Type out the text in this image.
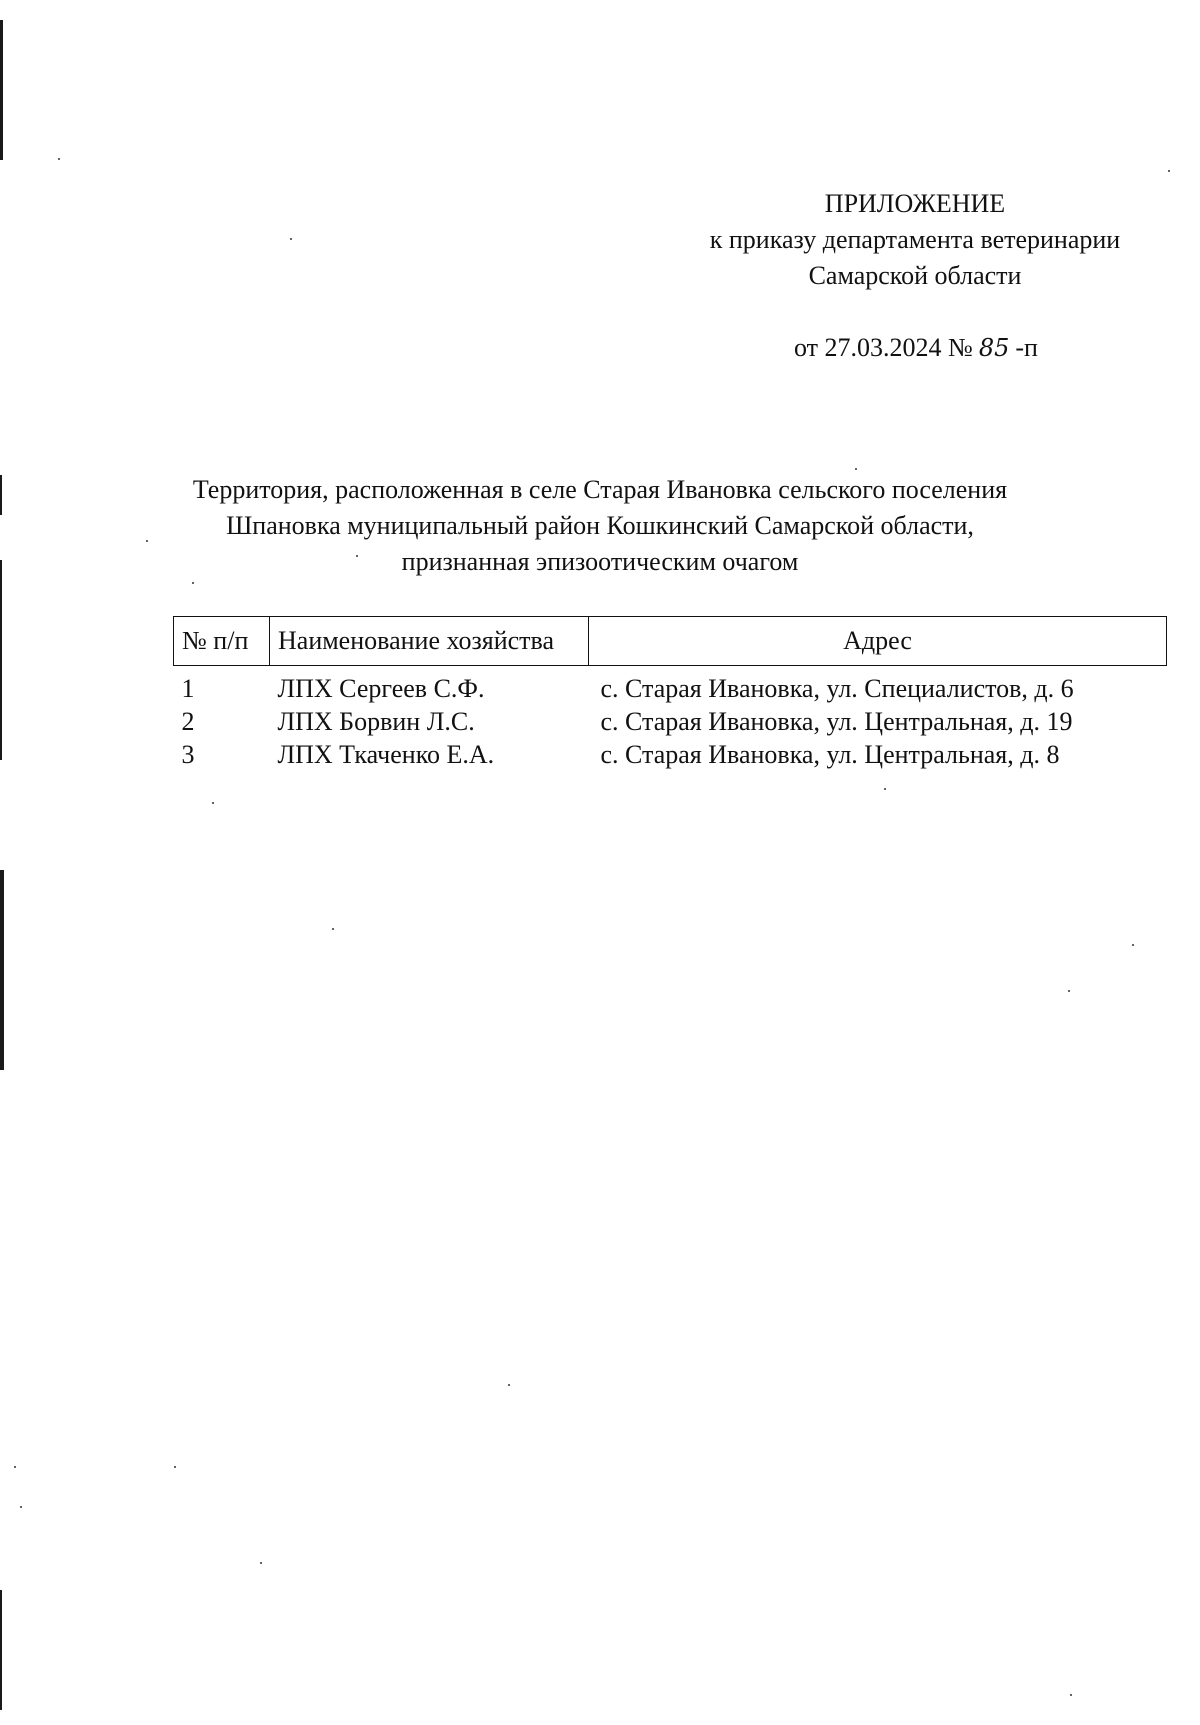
ПРИЛОЖЕНИЕ
к приказу департамента ветеринарии
Самарской области
от 27.03.2024 № 85 -п
Территория, расположенная в селе Старая Ивановка сельского поселения
Шпановка муниципальный район Кошкинский Самарской области,
признанная эпизоотическим очагом
№ п/п	Наименование хозяйства	Адрес
1	ЛПХ Сергеев С.Ф.	с. Старая Ивановка, ул. Специалистов, д. 6
2	ЛПХ Борвин Л.С.	с. Старая Ивановка, ул. Центральная, д. 19
3	ЛПХ Ткаченко Е.А.	с. Старая Ивановка, ул. Центральная, д. 8
